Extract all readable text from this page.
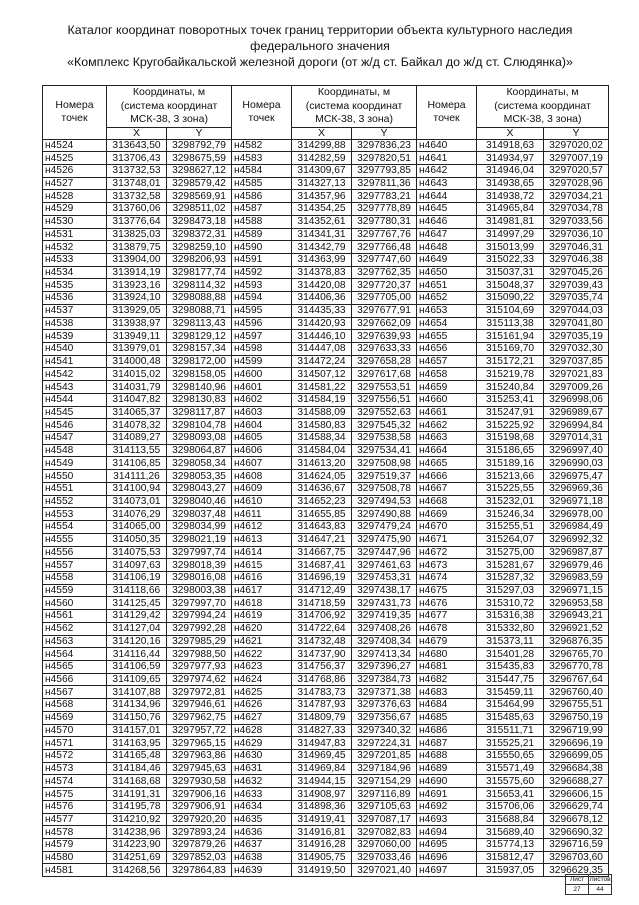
Каталог координат поворотных точек границ территории объекта культурного наследия
федерального значения
«Комплекс Кругобайкальской железной дороги (от ж/д ст. Байкал до ж/д ст. Слюдянка)»
Номера
точек	Координаты, м
(система координат
МСК-38, 3 зона)		Номера
точек	Координаты, м
(система координат
МСК-38, 3 зона)		Номера
точек	Координаты, м
(система координат
МСК-38, 3 зона)	

	X	Y		X	Y		X	Y
н4524	313643,50	3298792,79	н4582	314299,88	3297836,23	н4640	314918,63	3297020,02
н4525	313706,43	3298675,59	н4583	314282,59	3297820,51	н4641	314934,97	3297007,19
н4526	313732,53	3298627,12	н4584	314309,67	3297793,85	н4642	314946,04	3297020,57
н4527	313748,01	3298579,42	н4585	314327,13	3297811,36	н4643	314938,65	3297028,96
н4528	313732,58	3298569,91	н4586	314357,96	3297783,21	н4644	314938,72	3297034,21
н4529	313760,06	3298511,02	н4587	314354,25	3297778,89	н4645	314965,84	3297034,78
н4530	313776,64	3298473,18	н4588	314352,61	3297780,31	н4646	314981,81	3297033,56
н4531	313825,03	3298372,31	н4589	314341,31	3297767,76	н4647	314997,29	3297036,10
н4532	313879,75	3298259,10	н4590	314342,79	3297766,48	н4648	315013,99	3297046,31
н4533	313904,00	3298206,93	н4591	314363,99	3297747,60	н4649	315022,33	3297046,38
н4534	313914,19	3298177,74	н4592	314378,83	3297762,35	н4650	315037,31	3297045,26
н4535	313923,16	3298114,32	н4593	314420,08	3297720,37	н4651	315048,37	3297039,43
н4536	313924,10	3298088,88	н4594	314406,36	3297705,00	н4652	315090,22	3297035,74
н4537	313929,05	3298088,71	н4595	314435,33	3297677,91	н4653	315104,69	3297044,03
н4538	313938,97	3298113,43	н4596	314420,93	3297662,09	н4654	315113,38	3297041,80
н4539	313949,11	3298129,12	н4597	314446,10	3297639,93	н4655	315161,94	3297035,19
н4540	313979,01	3298157,34	н4598	314447,08	3297633,33	н4656	315169,70	3297032,30
н4541	314000,48	3298172,00	н4599	314472,24	3297658,28	н4657	315172,21	3297037,85
н4542	314015,02	3298158,05	н4600	314507,12	3297617,68	н4658	315219,78	3297021,83
н4543	314031,79	3298140,96	н4601	314581,22	3297553,51	н4659	315240,84	3297009,26
н4544	314047,82	3298130,83	н4602	314584,19	3297556,51	н4660	315253,41	3296998,06
н4545	314065,37	3298117,87	н4603	314588,09	3297552,63	н4661	315247,91	3296989,67
н4546	314078,32	3298104,78	н4604	314580,83	3297545,32	н4662	315225,92	3296994,84
н4547	314089,27	3298093,08	н4605	314588,34	3297538,58	н4663	315198,68	3297014,31
н4548	314113,55	3298064,87	н4606	314584,04	3297534,41	н4664	315186,65	3296997,40
н4549	314106,85	3298058,34	н4607	314613,20	3297508,98	н4665	315189,16	3296990,03
н4550	314111,26	3298053,35	н4608	314624,05	3297519,37	н4666	315213,66	3296975,47
н4551	314100,94	3298043,27	н4609	314636,67	3297508,78	н4667	315225,55	3296969,36
н4552	314073,01	3298040,46	н4610	314652,23	3297494,53	н4668	315232,01	3296971,18
н4553	314076,29	3298037,48	н4611	314655,85	3297490,88	н4669	315246,34	3296978,00
н4554	314065,00	3298034,99	н4612	314643,83	3297479,24	н4670	315255,51	3296984,49
н4555	314050,35	3298021,19	н4613	314647,21	3297475,90	н4671	315264,07	3296992,32
н4556	314075,53	3297997,74	н4614	314667,75	3297447,96	н4672	315275,00	3296987,87
н4557	314097,63	3298018,39	н4615	314687,41	3297461,63	н4673	315281,67	3296979,46
н4558	314106,19	3298016,08	н4616	314696,19	3297453,31	н4674	315287,32	3296983,59
н4559	314118,66	3298003,38	н4617	314712,49	3297438,17	н4675	315297,03	3296971,15
н4560	314125,45	3297997,70	н4618	314718,59	3297431,73	н4676	315310,72	3296953,58
н4561	314129,42	3297994,24	н4619	314706,92	3297419,35	н4677	315316,38	3296943,21
н4562	314127,04	3297992,28	н4620	314722,64	3297408,26	н4678	315332,80	3296921,52
н4563	314120,16	3297985,29	н4621	314732,48	3297408,34	н4679	315373,11	3296876,35
н4564	314116,44	3297988,50	н4622	314737,90	3297413,34	н4680	315401,28	3296765,70
н4565	314106,59	3297977,93	н4623	314756,37	3297396,27	н4681	315435,83	3296770,78
н4566	314109,65	3297974,62	н4624	314768,86	3297384,73	н4682	315447,75	3296767,64
н4567	314107,88	3297972,81	н4625	314783,73	3297371,38	н4683	315459,11	3296760,40
н4568	314134,96	3297946,61	н4626	314787,93	3297376,63	н4684	315464,99	3296755,51
н4569	314150,76	3297962,75	н4627	314809,79	3297356,67	н4685	315485,63	3296750,19
н4570	314157,01	3297957,72	н4628	314827,33	3297340,32	н4686	315511,71	3296719,99
н4571	314163,95	3297965,15	н4629	314947,83	3297224,31	н4687	315525,21	3296696,19
н4572	314165,48	3297963,86	н4630	314969,45	3297201,85	н4688	315550,65	3296699,05
н4573	314184,46	3297945,63	н4631	314969,84	3297184,96	н4689	315571,49	3296684,38
н4574	314168,68	3297930,58	н4632	314944,15	3297154,29	н4690	315575,60	3296688,27
н4575	314191,31	3297906,16	н4633	314908,97	3297116,89	н4691	315653,41	3296606,15
н4576	314195,78	3297906,91	н4634	314898,36	3297105,63	н4692	315706,06	3296629,74
н4577	314210,92	3297920,20	н4635	314919,41	3297087,17	н4693	315688,84	3296678,12
н4578	314238,96	3297893,24	н4636	314916,81	3297082,83	н4694	315689,40	3296690,32
н4579	314223,90	3297879,26	н4637	314916,28	3297060,00	н4695	315774,13	3296716,59
н4580	314251,69	3297852,03	н4638	314905,75	3297033,46	н4696	315812,47	3296703,60
н4581	314268,56	3297864,83	н4639	314919,50	3297021,40	н4697	315937,05	3296629,35
Лист	Листов
27	44
